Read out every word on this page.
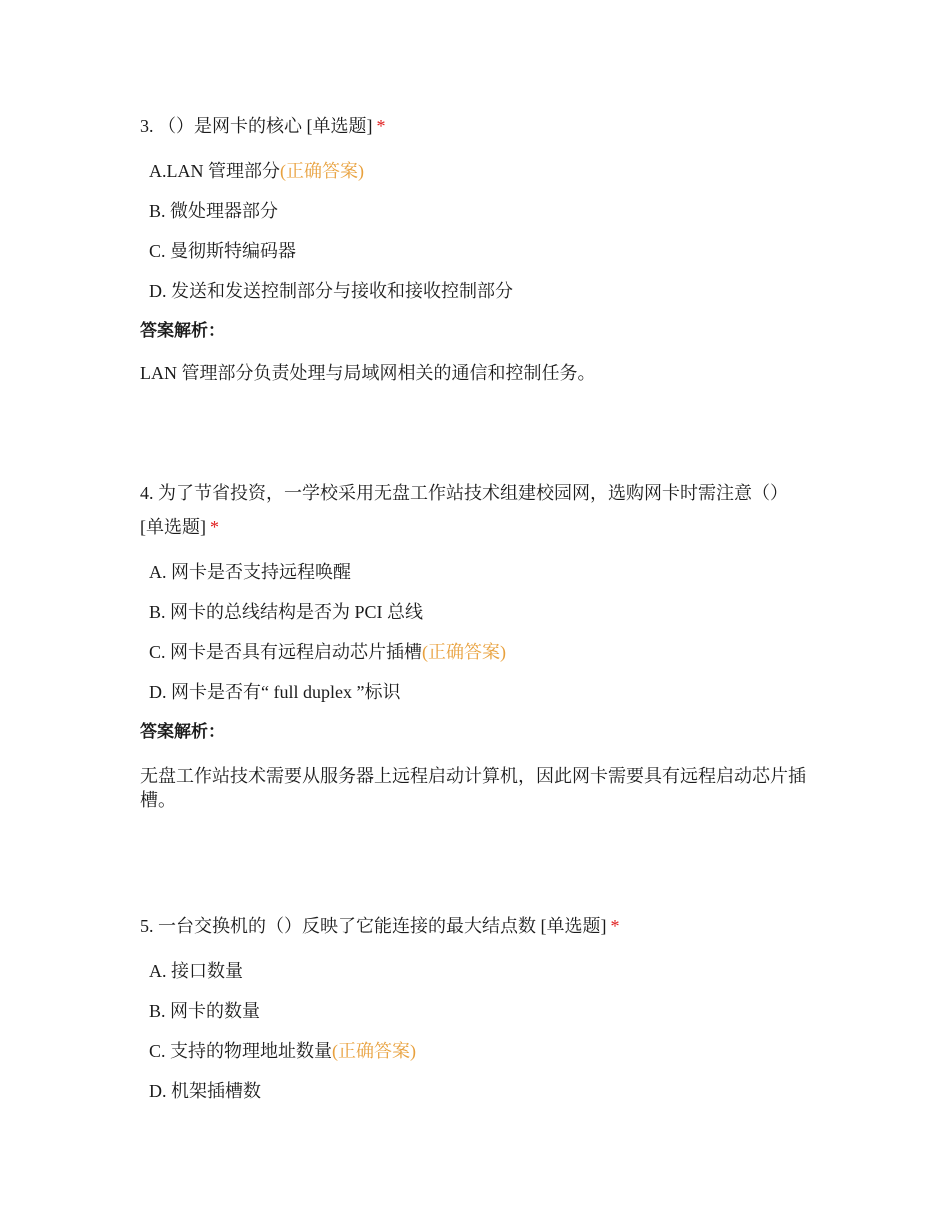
3. （）是网卡的核心 [单选题] *

A.LAN 管理部分(正确答案)
B. 微处理器部分
C. 曼彻斯特编码器
D. 发送和发送控制部分与接收和接收控制部分

答案解析：

LAN 管理部分负责处理与局域网相关的通信和控制任务。

4. 为了节省投资，一学校采用无盘工作站技术组建校园网，选购网卡时需注意（）[单选题] *

A. 网卡是否支持远程唤醒
B. 网卡的总线结构是否为 PCI 总线
C. 网卡是否具有远程启动芯片插槽(正确答案)
D. 网卡是否有“ full duplex ”标识

答案解析：

无盘工作站技术需要从服务器上远程启动计算机，因此网卡需要具有远程启动芯片插槽。

5. 一台交换机的（）反映了它能连接的最大结点数 [单选题] *

A. 接口数量
B. 网卡的数量
C. 支持的物理地址数量(正确答案)
D. 机架插槽数
